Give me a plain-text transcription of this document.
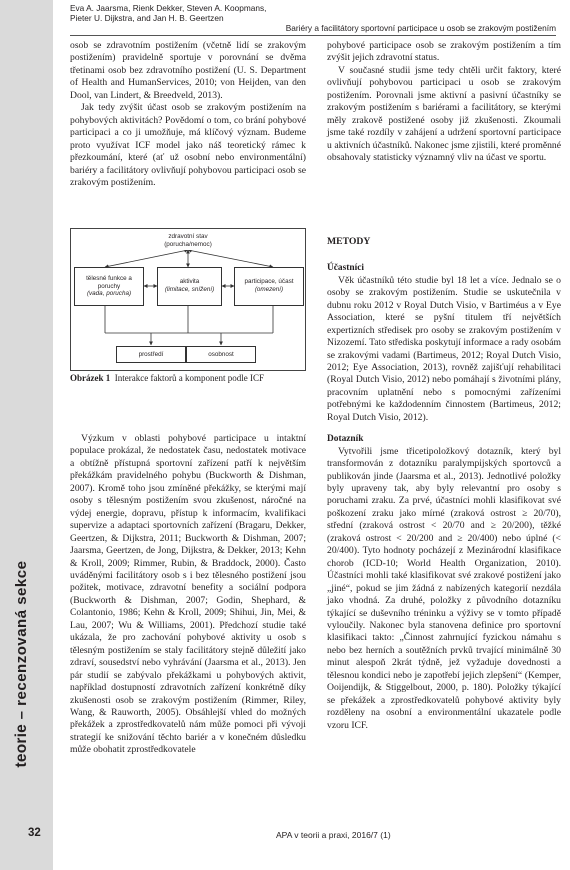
teorie – recenzovaná sekce
32
Eva A. Jaarsma, Rienk Dekker, Steven A. Koopmans,
Pieter U. Dijkstra, and Jan H. B. Geertzen
Bariéry a facilitátory sportovní participace u osob se zrakovým postižením

osob se zdravotním postižením (včetně lidí se zrakovým postižením) pravidelně sportuje v porovnání se dvěma třetinami osob bez zdravotního postižení (U. S. Department of Health and HumanServices, 2010; von Heijden, van den Dool, van Lindert, & Breedveld, 2013).

Jak tedy zvýšit účast osob se zrakovým postižením na pohybových aktivitách? Povědomí o tom, co brání pohybové participaci a co ji umožňuje, má klíčový význam. Budeme proto využívat ICF model jako náš teoretický rámec k přezkoumání, které (ať už osobní nebo environmentální) bariéry a facilitátory ovlivňují pohybovou participaci osob se zrakovým postižením.

zdravotní stav
(porucha/nemoc)
tělesné funkce a poruchy
(vada, porucha)
aktivita
(limitace, snížení)
participace, účast
(omezení)
prostředí	osobnost
Obrázek 1 Interakce faktorů a komponent podle ICF

Výzkum v oblasti pohybové participace u intaktní populace prokázal, že nedostatek času, nedostatek motivace a obtížně přístupná sportovní zařízení patří k největším překážkám pravidelného pohybu (Buckworth & Dishman, 2007). Kromě toho jsou zmíněné překážky, se kterými mají osoby s tělesným postižením svou zkušenost, náročné na výdej energie, dopravu, přístup k informacím, kvalifikaci supervize a adaptaci sportovních zařízení (Bragaru, Dekker, Geertzen, & Dijkstra, 2011; Buckworth & Dishman, 2007; Jaarsma, Geertzen, de Jong, Dijkstra, & Dekker, 2013; Kehn & Kroll, 2009; Rimmer, Rubin, & Braddock, 2000). Často uváděnými facilitátory osob s i bez tělesného postižení jsou požitek, motivace, zdravotní benefity a sociální podpora (Buckworth & Dishman, 2007; Godin, Shephard, & Colantonio, 1986; Kehn & Kroll, 2009; Shihui, Jin, Mei, & Lau, 2007; Wu & Williams, 2001). Předchozí studie také ukázala, že pro zachování pohybové aktivity u osob s tělesným postižením se staly facilitátory stejně důležití jako zdraví, sousedství nebo vyhrávání (Jaarsma et al., 2013). Jen pár studií se zabývalo překážkami u pohybových aktivit, například dostupností zdravotních zařízení konkrétně díky zkušenosti osob se zrakovým postižením (Rimmer, Riley, Wang, & Rauworth, 2005). Obsáhlejší vhled do možných překážek a zprostředkovatelů nám může pomoci při vývoji strategií ke snižování těchto bariér a v konečném důsledku může obohatit zprostředkovatele

pohybové participace osob se zrakovým postižením a tím zvýšit jejich zdravotní status.

V současné studii jsme tedy chtěli určit faktory, které ovlivňují pohybovou participaci u osob se zrakovým postižením. Porovnali jsme aktivní a pasivní účastníky se zrakovým postižením s bariérami a facilitátory, se kterými měly zrakově postižené osoby již zkušenosti. Zkoumali jsme také rozdíly v zahájení a udržení sportovní participace u aktivních účastníků. Nakonec jsme zjistili, které proměnné obsahovaly statisticky významný vliv na účast ve sportu.

METODY
Účastníci

Věk účastníků této studie byl 18 let a více. Jednalo se o osoby se zrakovým postižením. Studie se uskutečnila v dubnu roku 2012 v Royal Dutch Visio, v Bartiméus a v Eye Association, které se pyšní titulem tří největších expertizních středisek pro osoby se zrakovým postižením v Nizozemí. Tato střediska poskytují informace a rady osobám se zrakovými vadami (Bartimeus, 2012; Royal Dutch Visio, 2012; Eye Association, 2013), rovněž zajišťují rehabilitaci (Royal Dutch Visio, 2012) nebo pomáhají s životními plány, pracovním uplatnění nebo s pomocnými zařízeními potřebnými ke každodenním činnostem (Bartimeus, 2012; Royal Dutch Visio, 2012).

Dotazník

Vytvořili jsme třicetipoložkový dotazník, který byl transformován z dotazníku paralympijských sportovců a publikován jinde (Jaarsma et al., 2013). Jednotlivé položky byly upraveny tak, aby byly relevantní pro osoby s poruchami zraku. Za prvé, účastníci mohli klasifikovat své poškození zraku jako mírné (zraková ostrost ≥ 20/70), střední (zraková ostrost < 20/70 and ≥ 20/200), těžké (zraková ostrost < 20/200 and ≥ 20/400) nebo úplné (< 20/400). Tyto hodnoty pocházejí z Mezinárodní klasifikace chorob (ICD-10; World Health Organization, 2010). Účastníci mohli také klasifikovat své zrakové postižení jako „jiné“, pokud se jim žádná z nabízených kategorií nezdála jako vhodná. Za druhé, položky z původního dotazníku týkající se duševního tréninku a výživy se v tomto případě vyloučily. Nakonec byla stanovena definice pro sportovní klasifikaci takto: „Činnost zahrnující fyzickou námahu s nebo bez herních a soutěžních prvků trvající minimálně 30 minut alespoň 2krát týdně, jež vyžaduje dovednosti a tělesnou kondici nebo je zapotřebí jejich zlepšení“ (Kemper, Ooijendijk, & Stiggelbout, 2000, p. 180). Položky týkající se překážek a zprostředkovatelů pohybové aktivity byly rozděleny na osobní a environmentální ukazatele podle vzoru ICF.

APA v teorii a praxi, 2016/7 (1)
